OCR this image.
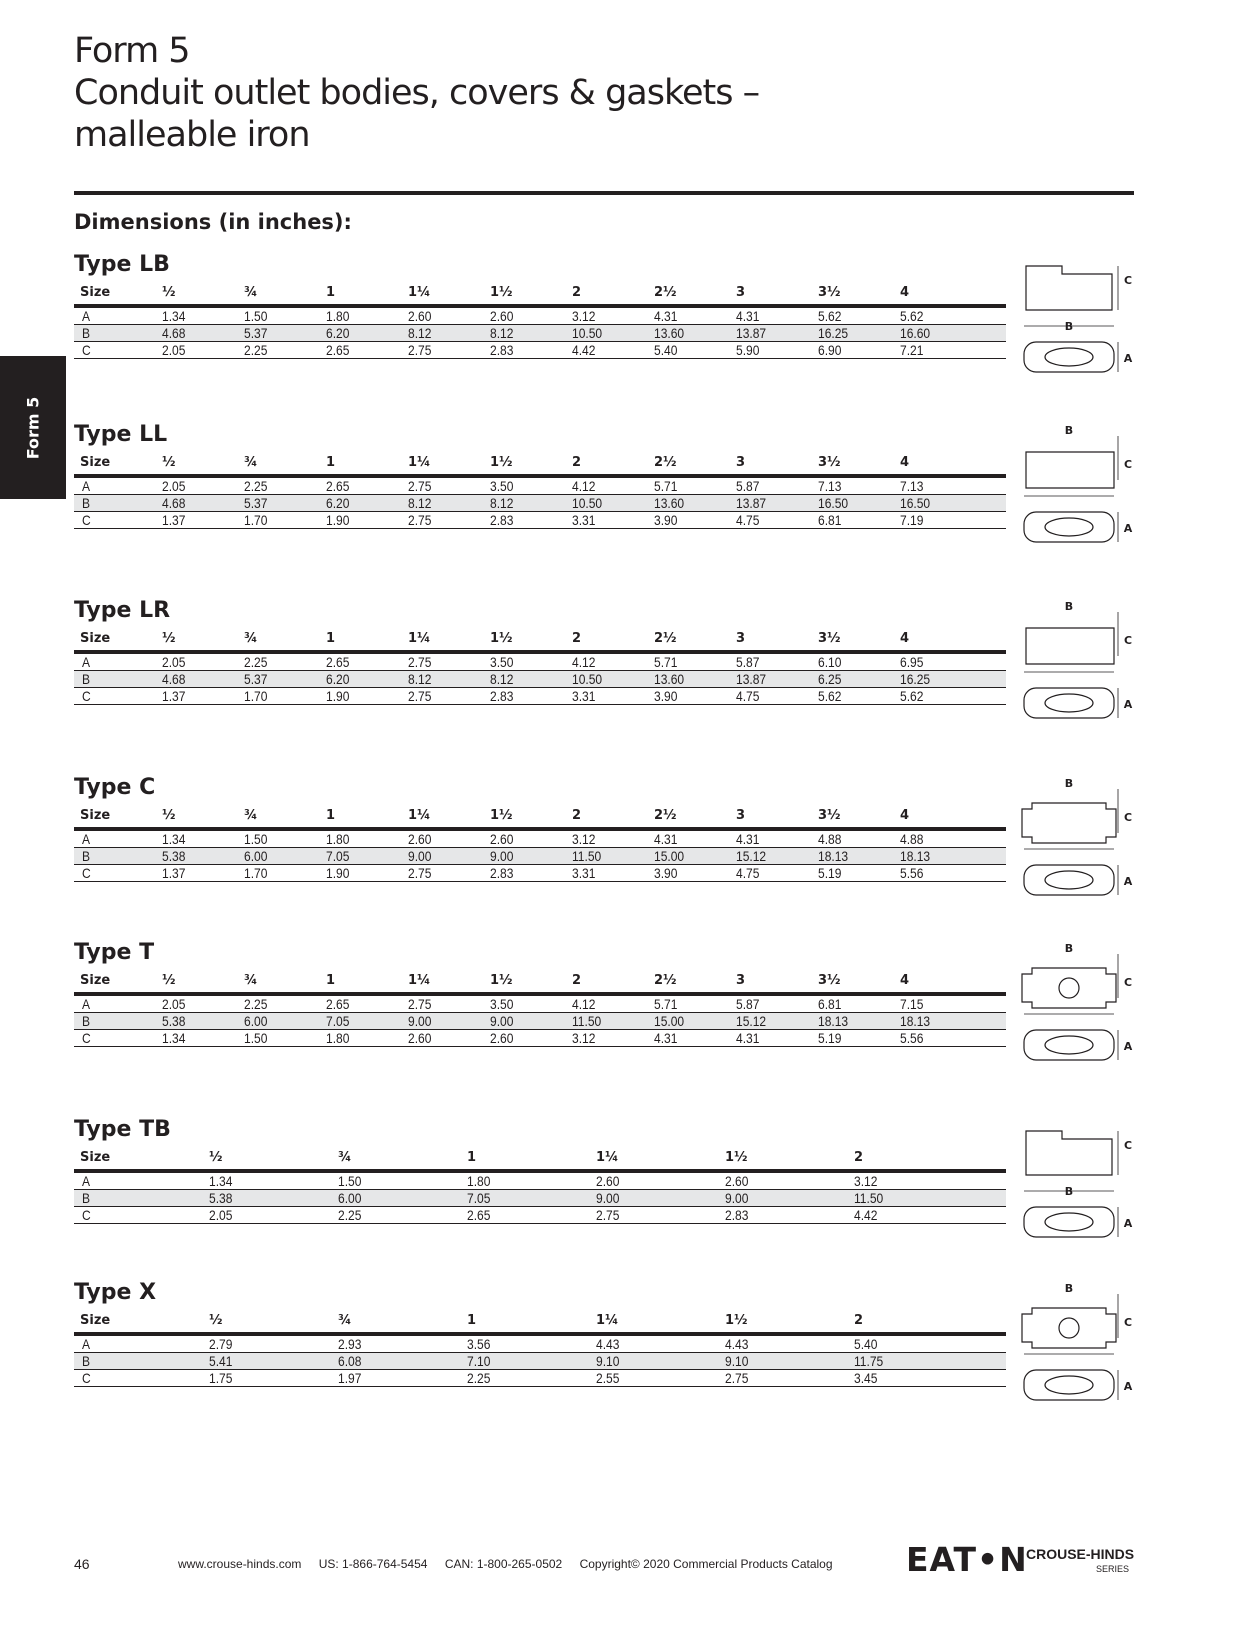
Form 5
Conduit outlet bodies, covers & gaskets –
malleable iron
Dimensions (in inches):
Form 5
Type LB
Size	½	¾	1	1¼	1½	2	2½	3	3½	4
A	1.34	1.50	1.80	2.60	2.60	3.12	4.31	4.31	5.62	5.62
B	4.68	5.37	6.20	8.12	8.12	10.50	13.60	13.87	16.25	16.60
C	2.05	2.25	2.65	2.75	2.83	4.42	5.40	5.90	6.90	7.21
C
B
A
Type LL
Size	½	¾	1	1¼	1½	2	2½	3	3½	4
A	2.05	2.25	2.65	2.75	3.50	4.12	5.71	5.87	7.13	7.13
B	4.68	5.37	6.20	8.12	8.12	10.50	13.60	13.87	16.50	16.50
C	1.37	1.70	1.90	2.75	2.83	3.31	3.90	4.75	6.81	7.19
B
C
A
Type LR
Size	½	¾	1	1¼	1½	2	2½	3	3½	4
A	2.05	2.25	2.65	2.75	3.50	4.12	5.71	5.87	6.10	6.95
B	4.68	5.37	6.20	8.12	8.12	10.50	13.60	13.87	6.25	16.25
C	1.37	1.70	1.90	2.75	2.83	3.31	3.90	4.75	5.62	5.62
B
C
A
Type C
Size	½	¾	1	1¼	1½	2	2½	3	3½	4
A	1.34	1.50	1.80	2.60	2.60	3.12	4.31	4.31	4.88	4.88
B	5.38	6.00	7.05	9.00	9.00	11.50	15.00	15.12	18.13	18.13
C	1.37	1.70	1.90	2.75	2.83	3.31	3.90	4.75	5.19	5.56
B
C
A
Type T
Size	½	¾	1	1¼	1½	2	2½	3	3½	4
A	2.05	2.25	2.65	2.75	3.50	4.12	5.71	5.87	6.81	7.15
B	5.38	6.00	7.05	9.00	9.00	11.50	15.00	15.12	18.13	18.13
C	1.34	1.50	1.80	2.60	2.60	3.12	4.31	4.31	5.19	5.56
B
C
A
Type TB
Size	½	¾	1	1¼	1½	2
A	1.34	1.50	1.80	2.60	2.60	3.12
B	5.38	6.00	7.05	9.00	9.00	11.50
C	2.05	2.25	2.65	2.75	2.83	4.42
C
B
A
Type X
Size	½	¾	1	1¼	1½	2
A	2.79	2.93	3.56	4.43	4.43	5.40
B	5.41	6.08	7.10	9.10	9.10	11.75
C	1.75	1.97	2.25	2.55	2.75	3.45
B
C
A
46	www.crouse-hinds.com US: 1-866-764-5454 CAN: 1-800-265-0502 Copyright© 2020 Commercial Products Catalog	EAT•N
CROUSE-HINDS
SERIES
